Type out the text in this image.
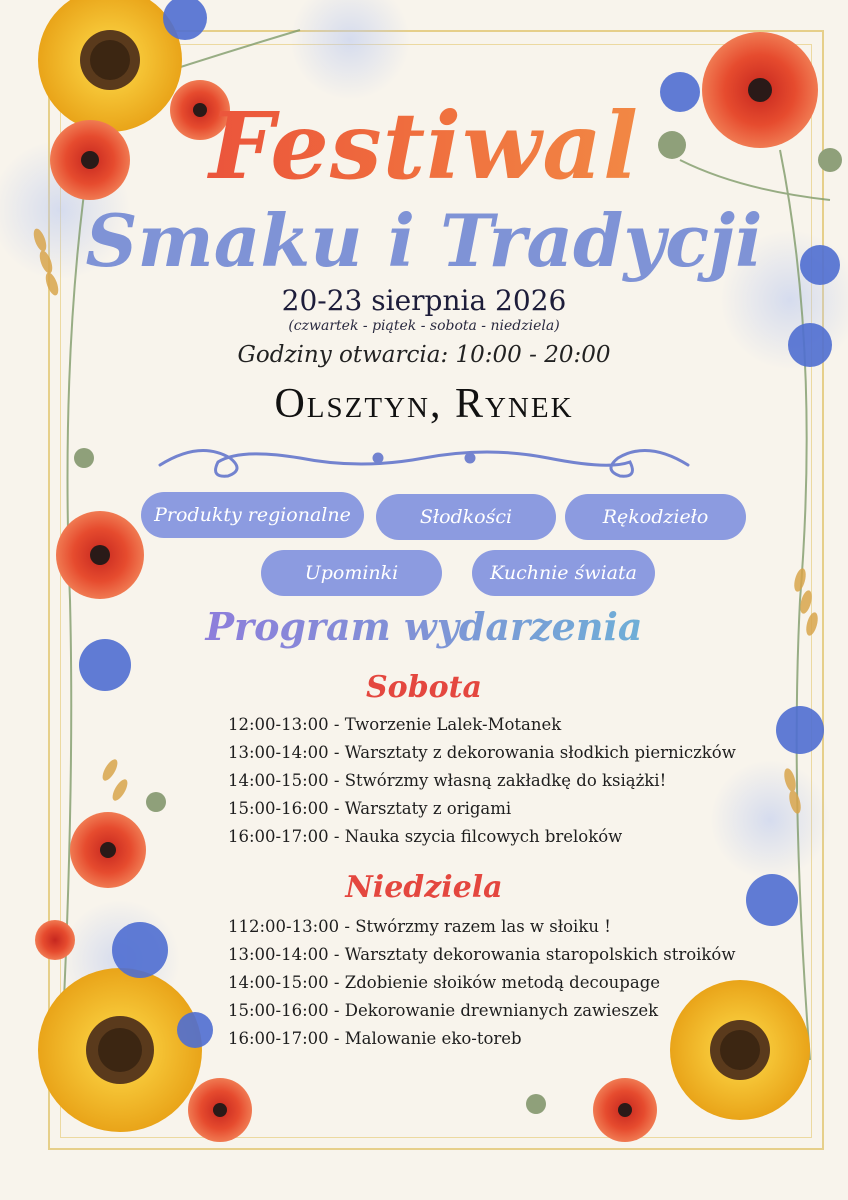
Festiwal
Smaku i Tradycji
20-23 sierpnia 2026
(czwartek - piątek - sobota - niedziela)
Godziny otwarcia: 10:00 - 20:00
Olsztyn, Rynek
Produkty regionalne	Słodkości	Rękodzieło
Upominki	Kuchnie świata
Program wydarzenia
Sobota
12:00-13:00 - Tworzenie Lalek-Motanek
13:00-14:00 - Warsztaty z dekorowania słodkich pierniczków
14:00-15:00 - Stwórzmy własną zakładkę do książki!
15:00-16:00 - Warsztaty z origami
16:00-17:00 - Nauka szycia filcowych breloków
Niedziela
112:00-13:00 - Stwórzmy razem las w słoiku !
13:00-14:00 - Warsztaty dekorowania staropolskich stroików
14:00-15:00 - Zdobienie słoików metodą decoupage
15:00-16:00 - Dekorowanie drewnianych zawieszek
16:00-17:00 - Malowanie eko-toreb
